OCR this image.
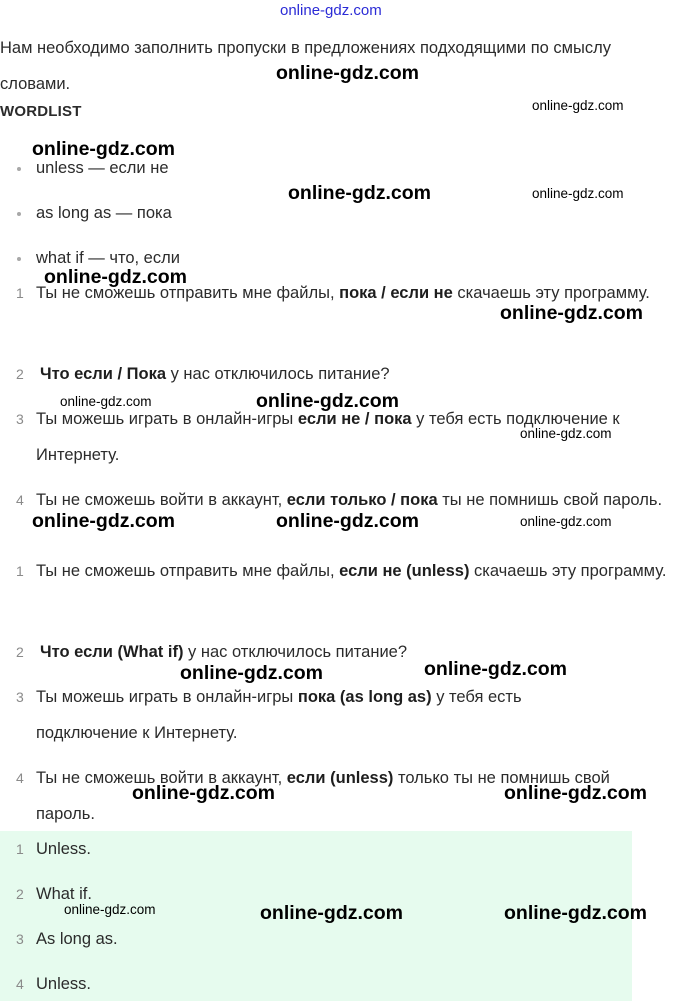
online-gdz.com

Нам необходимо заполнить пропуски в предложениях подходящими по смыслу словами.

WORDLIST
unless — если не
as long as — пока
what if — что, если
1 Ты не сможешь отправить мне файлы, пока / если не скачаешь эту программу.
2 Что если / Пока у нас отключилось питание?
3 Ты можешь играть в онлайн-игры если не / пока у тебя есть подключение к Интернету.
4 Ты не сможешь войти в аккаунт, если только / пока ты не помнишь свой пароль.
1 Ты не сможешь отправить мне файлы, если не (unless) скачаешь эту программу.
2 Что если (What if) у нас отключилось питание?
3 Ты можешь играть в онлайн-игры пока (as long as) у тебя есть подключение к Интернету.
4 Ты не сможешь войти в аккаунт, если (unless) только ты не помнишь свой пароль.
1 Unless.
2 What if.
3 As long as.
4 Unless.
online-gdz.com
online-gdz.com
online-gdz.com
online-gdz.com	online-gdz.com
online-gdz.com
online-gdz.com
online-gdz.com	online-gdz.com
online-gdz.com
online-gdz.com	online-gdz.com	online-gdz.com
online-gdz.com	online-gdz.com
online-gdz.com	online-gdz.com
online-gdz.com	online-gdz.com	online-gdz.com
